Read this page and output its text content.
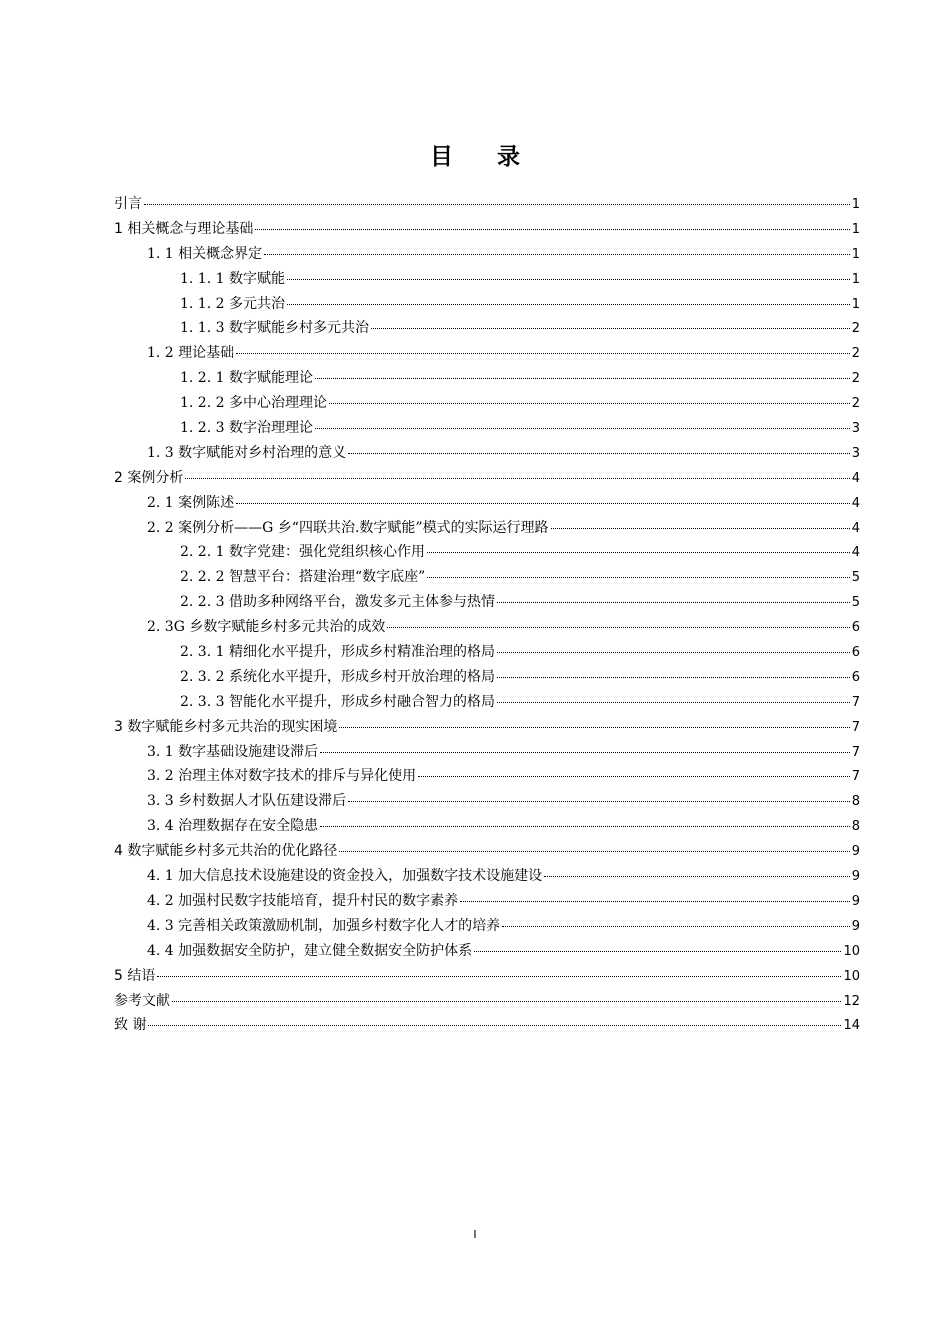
目 录
引言	1
1 相关概念与理论基础	1
1. 1 相关概念界定	1
1. 1. 1 数字赋能	1
1. 1. 2 多元共治	1
1. 1. 3 数字赋能乡村多元共治	2
1. 2 理论基础	2
1. 2. 1 数字赋能理论	2
1. 2. 2 多中心治理理论	2
1. 2. 3 数字治理理论	3
1. 3 数字赋能对乡村治理的意义	3
2 案例分析	4
2. 1 案例陈述	4
2. 2 案例分析——G 乡“四联共治.数字赋能”模式的实际运行理路	4
2. 2. 1 数字党建：强化党组织核心作用	4
2. 2. 2 智慧平台：搭建治理“数字底座”	5
2. 2. 3 借助多种网络平台，激发多元主体参与热情	5
2. 3G 乡数字赋能乡村多元共治的成效	6
2. 3. 1 精细化水平提升，形成乡村精准治理的格局	6
2. 3. 2 系统化水平提升，形成乡村开放治理的格局	6
2. 3. 3 智能化水平提升，形成乡村融合智力的格局	7
3 数字赋能乡村多元共治的现实困境	7
3. 1 数字基础设施建设滞后	7
3. 2 治理主体对数字技术的排斥与异化使用	7
3. 3 乡村数据人才队伍建设滞后	8
3. 4 治理数据存在安全隐患	8
4 数字赋能乡村多元共治的优化路径	9
4. 1 加大信息技术设施建设的资金投入，加强数字技术设施建设	9
4. 2 加强村民数字技能培育，提升村民的数字素养	9
4. 3 完善相关政策激励机制，加强乡村数字化人才的培养	9
4. 4 加强数据安全防护，建立健全数据安全防护体系	10
5 结语	10
参考文献	12
致 谢	14
I
